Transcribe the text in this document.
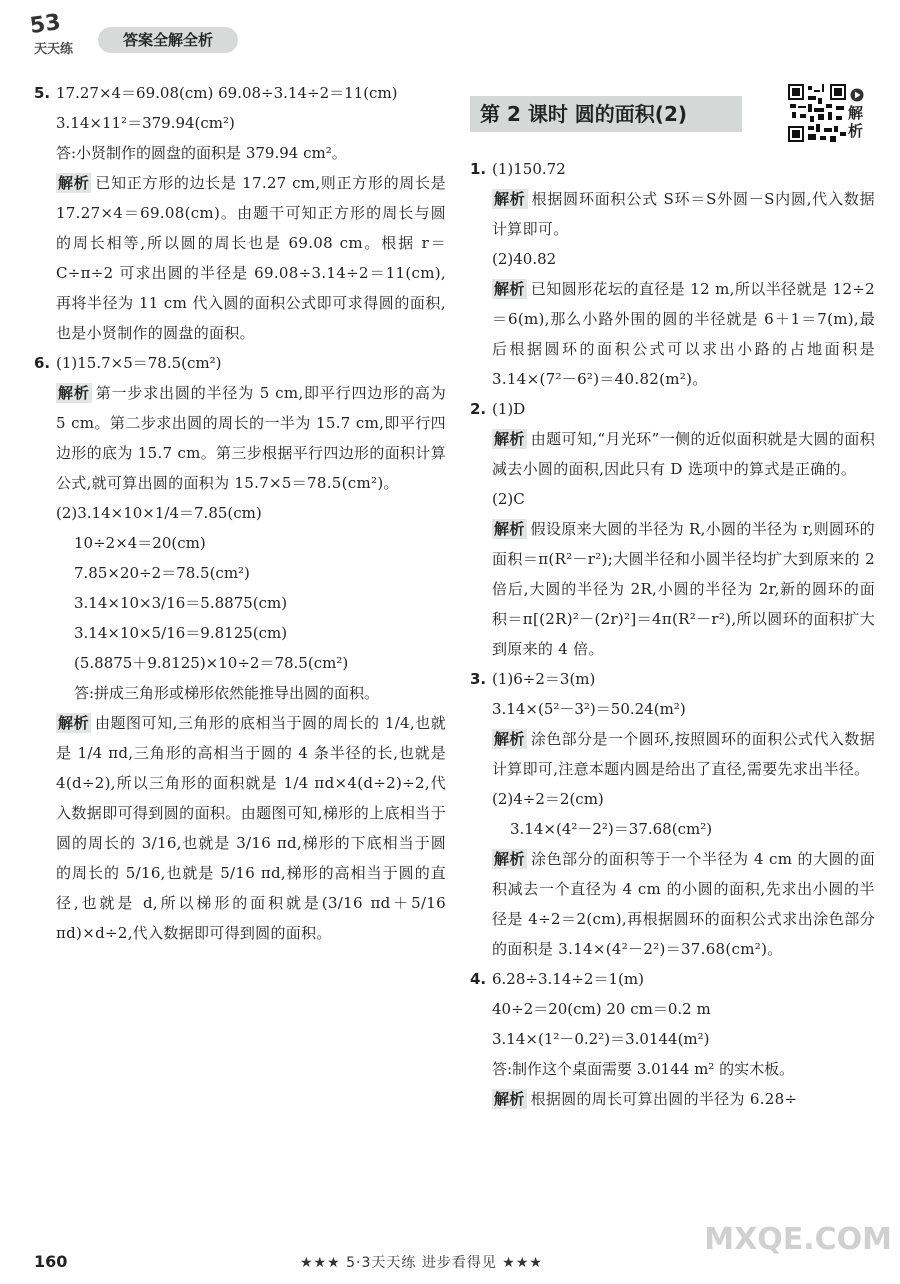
53
天天练
答案全解全析
第 2 课时 圆的面积(2)	解析

5. 17.27×4＝69.08(cm) 69.08÷3.14÷2＝11(cm)

3.14×11²＝379.94(cm²)

答:小贤制作的圆盘的面积是 379.94 cm²。

解析 已知正方形的边长是 17.27 cm,则正方形的周长是 17.27×4＝69.08(cm)。由题干可知正方形的周长与圆的周长相等,所以圆的周长也是 69.08 cm。根据 r＝C÷π÷2 可求出圆的半径是 69.08÷3.14÷2＝11(cm),再将半径为 11 cm 代入圆的面积公式即可求得圆的面积,也是小贤制作的圆盘的面积。

6. (1)15.7×5＝78.5(cm²)

解析 第一步求出圆的半径为 5 cm,即平行四边形的高为 5 cm。第二步求出圆的周长的一半为 15.7 cm,即平行四边形的底为 15.7 cm。第三步根据平行四边形的面积计算公式,就可算出圆的面积为 15.7×5＝78.5(cm²)。

(2)3.14×10×1/4＝7.85(cm)

10÷2×4＝20(cm)

7.85×20÷2＝78.5(cm²)

3.14×10×3/16＝5.8875(cm)

3.14×10×5/16＝9.8125(cm)

(5.8875＋9.8125)×10÷2＝78.5(cm²)

答:拼成三角形或梯形依然能推导出圆的面积。

解析 由题图可知,三角形的底相当于圆的周长的 1/4,也就是 1/4 πd,三角形的高相当于圆的 4 条半径的长,也就是 4(d÷2),所以三角形的面积就是 1/4 πd×4(d÷2)÷2,代入数据即可得到圆的面积。由题图可知,梯形的上底相当于圆的周长的 3/16,也就是 3/16 πd,梯形的下底相当于圆的周长的 5/16,也就是 5/16 πd,梯形的高相当于圆的直径,也就是 d,所以梯形的面积就是(3/16 πd＋5/16 πd)×d÷2,代入数据即可得到圆的面积。

1. (1)150.72

解析 根据圆环面积公式 S环＝S外圆－S内圆,代入数据计算即可。

(2)40.82

解析 已知圆形花坛的直径是 12 m,所以半径就是 12÷2＝6(m),那么小路外围的圆的半径就是 6＋1＝7(m),最后根据圆环的面积公式可以求出小路的占地面积是 3.14×(7²－6²)＝40.82(m²)。

2. (1)D

解析 由题可知,“月光环”一侧的近似面积就是大圆的面积减去小圆的面积,因此只有 D 选项中的算式是正确的。

(2)C

解析 假设原来大圆的半径为 R,小圆的半径为 r,则圆环的面积＝π(R²－r²);大圆半径和小圆半径均扩大到原来的 2 倍后,大圆的半径为 2R,小圆的半径为 2r,新的圆环的面积＝π[(2R)²－(2r)²]＝4π(R²－r²),所以圆环的面积扩大到原来的 4 倍。

3. (1)6÷2＝3(m)

3.14×(5²－3²)＝50.24(m²)

解析 涂色部分是一个圆环,按照圆环的面积公式代入数据计算即可,注意本题内圆是给出了直径,需要先求出半径。

(2)4÷2＝2(cm)

3.14×(4²－2²)＝37.68(cm²)

解析 涂色部分的面积等于一个半径为 4 cm 的大圆的面积减去一个直径为 4 cm 的小圆的面积,先求出小圆的半径是 4÷2＝2(cm),再根据圆环的面积公式求出涂色部分的面积是 3.14×(4²－2²)＝37.68(cm²)。

4. 6.28÷3.14÷2＝1(m)

40÷2＝20(cm) 20 cm＝0.2 m

3.14×(1²－0.2²)＝3.0144(m²)

答:制作这个桌面需要 3.0144 m² 的实木板。

解析 根据圆的周长可算出圆的半径为 6.28÷

160	★★★ 5·3天天练 进步看得见 ★★★
MXQE.COM
